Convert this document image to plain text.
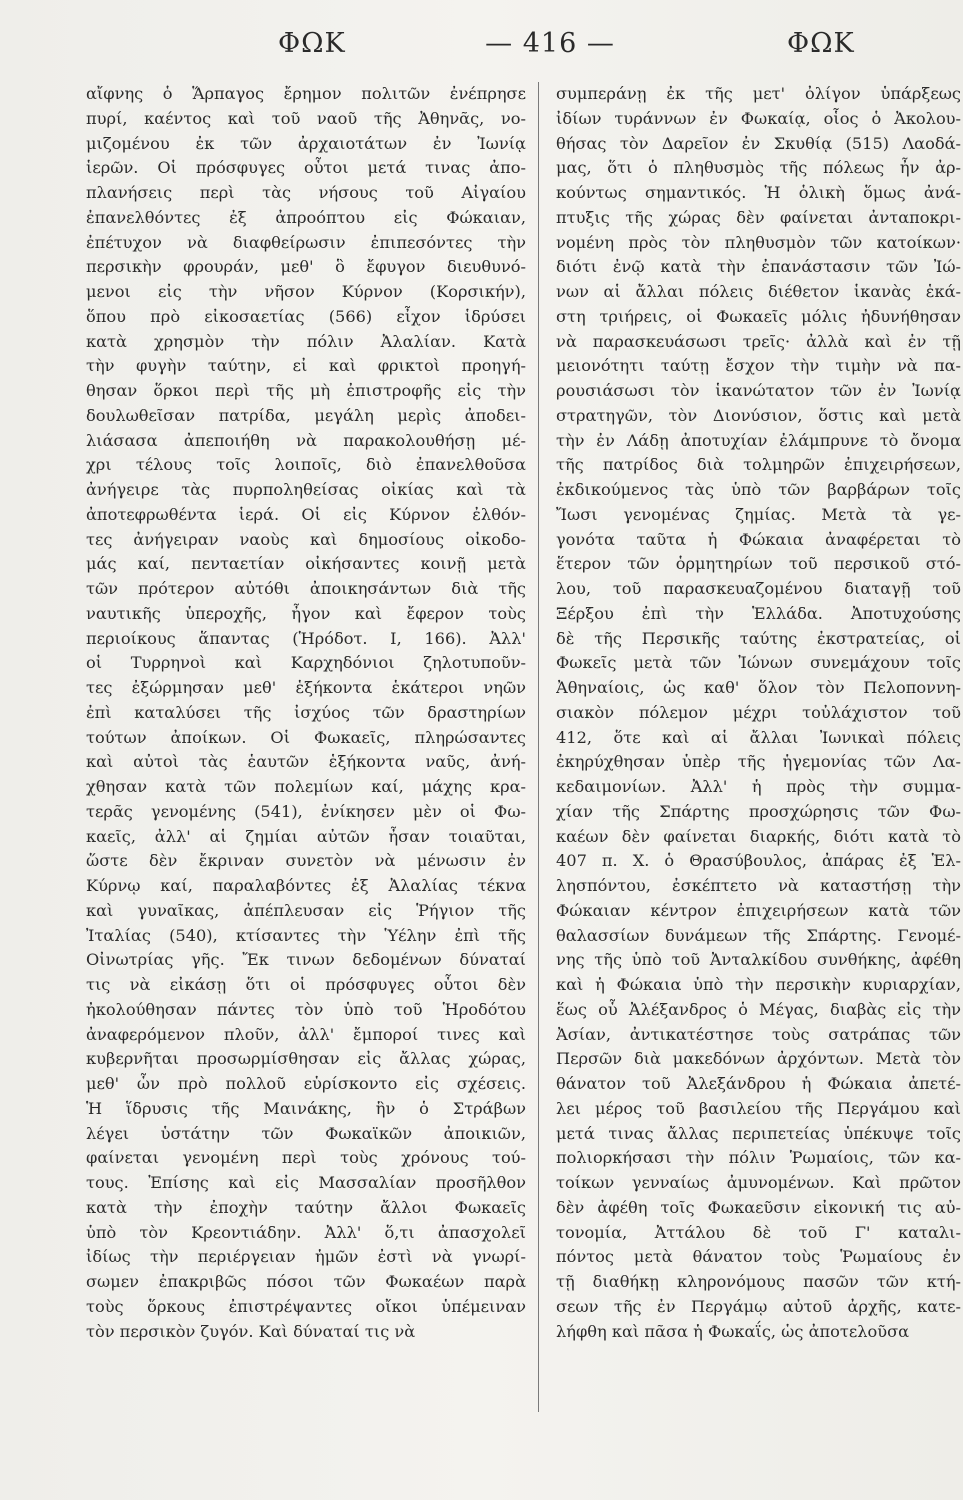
ΦΩΚ	— 416 —	ΦΩΚ
αἴφνης ὁ Ἅρπαγος ἔρημον πολιτῶν ἐνέπρησε
πυρί, καέντος καὶ τοῦ ναοῦ τῆς Ἀθηνᾶς, νο-
μιζομένου ἐκ τῶν ἀρχαιοτάτων ἐν Ἰωνίᾳ
ἱερῶν. Οἱ πρόσφυγες οὗτοι μετά τινας ἀπο-
πλανήσεις περὶ τὰς νήσους τοῦ Αἰγαίου
ἐπανελθόντες ἐξ ἀπροόπτου εἰς Φώκαιαν,
ἐπέτυχον νὰ διαφθείρωσιν ἐπιπεσόντες τὴν
περσικὴν φρουράν, μεθ' ὃ ἔφυγον διευθυνό-
μενοι εἰς τὴν νῆσον Κύρνον (Κορσικήν),
ὅπου πρὸ εἰκοσαετίας (566) εἶχον ἱδρύσει
κατὰ χρησμὸν τὴν πόλιν Ἀλαλίαν. Κατὰ
τὴν φυγὴν ταύτην, εἰ καὶ φρικτοὶ προηγή-
θησαν ὅρκοι περὶ τῆς μὴ ἐπιστροφῆς εἰς τὴν
δουλωθεῖσαν πατρίδα, μεγάλη μερὶς ἀποδει-
λιάσασα ἀπεποιήθη νὰ παρακολουθήσῃ μέ-
χρι τέλους τοῖς λοιποῖς, διὸ ἐπανελθοῦσα
ἀνήγειρε τὰς πυρποληθείσας οἰκίας καὶ τὰ
ἀποτεφρωθέντα ἱερά. Οἱ εἰς Κύρνον ἐλθόν-
τες ἀνήγειραν ναοὺς καὶ δημοσίους οἰκοδο-
μάς καί, πενταετίαν οἰκήσαντες κοινῇ μετὰ
τῶν πρότερον αὐτόθι ἀποικησάντων διὰ τῆς
ναυτικῆς ὑπεροχῆς, ἦγον καὶ ἔφερον τοὺς
περιοίκους ἅπαντας (Ἡρόδοτ. Ι, 166). Ἀλλ'
οἱ Τυρρηνοὶ καὶ Καρχηδόνιοι ζηλοτυποῦν-
τες ἐξώρμησαν μεθ' ἑξήκοντα ἑκάτεροι νηῶν
ἐπὶ καταλύσει τῆς ἰσχύος τῶν δραστηρίων
τούτων ἀποίκων. Οἱ Φωκαεῖς, πληρώσαντες
καὶ αὐτοὶ τὰς ἑαυτῶν ἑξήκοντα ναῦς, ἀνή-
χθησαν κατὰ τῶν πολεμίων καί, μάχης κρα-
τερᾶς γενομένης (541), ἐνίκησεν μὲν οἱ Φω-
καεῖς, ἀλλ' αἱ ζημίαι αὐτῶν ἦσαν τοιαῦται,
ὥστε δὲν ἔκριναν συνετὸν νὰ μένωσιν ἐν
Κύρνῳ καί, παραλαβόντες ἐξ Ἀλαλίας τέκνα
καὶ γυναῖκας, ἀπέπλευσαν εἰς Ῥήγιον τῆς
Ἰταλίας (540), κτίσαντες τὴν Ὑέλην ἐπὶ τῆς
Οἰνωτρίας γῆς. Ἔκ τινων δεδομένων δύναταί
τις νὰ εἰκάσῃ ὅτι οἱ πρόσφυγες οὗτοι δὲν
ἠκολούθησαν πάντες τὸν ὑπὸ τοῦ Ἡροδότου
ἀναφερόμενον πλοῦν, ἀλλ' ἔμποροί τινες καὶ
κυβερνῆται προσωρμίσθησαν εἰς ἄλλας χώρας,
μεθ' ὧν πρὸ πολλοῦ εὑρίσκοντο εἰς σχέσεις.
Ἡ ἵδρυσις τῆς Μαινάκης, ἣν ὁ Στράβων
λέγει ὑστάτην τῶν Φωκαϊκῶν ἀποικιῶν,
φαίνεται γενομένη περὶ τοὺς χρόνους τού-
τους. Ἐπίσης καὶ εἰς Μασσαλίαν προσῆλθον
κατὰ τὴν ἐποχὴν ταύτην ἄλλοι Φωκαεῖς
ὑπὸ τὸν Κρεοντιάδην. Ἀλλ' ὅ,τι ἀπασχολεῖ
ἰδίως τὴν περιέργειαν ἡμῶν ἐστὶ νὰ γνωρί-
σωμεν ἐπακριβῶς πόσοι τῶν Φωκαέων παρὰ
τοὺς ὅρκους ἐπιστρέψαντες οἴκοι ὑπέμειναν
τὸν περσικὸν ζυγόν. Καὶ δύναταί τις νὰ
συμπεράνῃ ἐκ τῆς μετ' ὀλίγον ὑπάρξεως
ἰδίων τυράννων ἐν Φωκαίᾳ, οἷος ὁ Ἀκολου-
θήσας τὸν Δαρεῖον ἐν Σκυθίᾳ (515) Λαοδά-
μας, ὅτι ὁ πληθυσμὸς τῆς πόλεως ἦν ἀρ-
κούντως σημαντικός. Ἡ ὁλικὴ ὅμως ἀνά-
πτυξις τῆς χώρας δὲν φαίνεται ἀνταποκρι-
νομένη πρὸς τὸν πληθυσμὸν τῶν κατοίκων·
διότι ἐνῷ κατὰ τὴν ἐπανάστασιν τῶν Ἰώ-
νων αἱ ἄλλαι πόλεις διέθετον ἱκανὰς ἑκά-
στη τριήρεις, οἱ Φωκαεῖς μόλις ἠδυνήθησαν
νὰ παρασκευάσωσι τρεῖς· ἀλλὰ καὶ ἐν τῇ
μειονότητι ταύτῃ ἔσχον τὴν τιμὴν νὰ πα-
ρουσιάσωσι τὸν ἱκανώτατον τῶν ἐν Ἰωνίᾳ
στρατηγῶν, τὸν Διονύσιον, ὅστις καὶ μετὰ
τὴν ἐν Λάδῃ ἀποτυχίαν ἐλάμπρυνε τὸ ὄνομα
τῆς πατρίδος διὰ τολμηρῶν ἐπιχειρήσεων,
ἐκδικούμενος τὰς ὑπὸ τῶν βαρβάρων τοῖς
Ἴωσι γενομένας ζημίας. Μετὰ τὰ γε-
γονότα ταῦτα ἡ Φώκαια ἀναφέρεται τὸ
ἕτερον τῶν ὁρμητηρίων τοῦ περσικοῦ στό-
λου, τοῦ παρασκευαζομένου διαταγῇ τοῦ
Ξέρξου ἐπὶ τὴν Ἑλλάδα. Ἀποτυχούσης
δὲ τῆς Περσικῆς ταύτης ἐκστρατείας, οἱ
Φωκεῖς μετὰ τῶν Ἰώνων συνεμάχουν τοῖς
Ἀθηναίοις, ὡς καθ' ὅλον τὸν Πελοποννη-
σιακὸν πόλεμον μέχρι τοὐλάχιστον τοῦ
412, ὅτε καὶ αἱ ἄλλαι Ἰωνικαὶ πόλεις
ἐκηρύχθησαν ὑπὲρ τῆς ἡγεμονίας τῶν Λα-
κεδαιμονίων. Ἀλλ' ἡ πρὸς τὴν συμμα-
χίαν τῆς Σπάρτης προσχώρησις τῶν Φω-
καέων δὲν φαίνεται διαρκής, διότι κατὰ τὸ
407 π. Χ. ὁ Θρασύβουλος, ἀπάρας ἐξ Ἑλ-
λησπόντου, ἐσκέπτετο νὰ καταστήσῃ τὴν
Φώκαιαν κέντρον ἐπιχειρήσεων κατὰ τῶν
θαλασσίων δυνάμεων τῆς Σπάρτης. Γενομέ-
νης τῆς ὑπὸ τοῦ Ἀνταλκίδου συνθήκης, ἀφέθη
καὶ ἡ Φώκαια ὑπὸ τὴν περσικὴν κυριαρχίαν,
ἕως οὗ Ἀλέξανδρος ὁ Μέγας, διαβὰς εἰς τὴν
Ἀσίαν, ἀντικατέστησε τοὺς σατράπας τῶν
Περσῶν διὰ μακεδόνων ἀρχόντων. Μετὰ τὸν
θάνατον τοῦ Ἀλεξάνδρου ἡ Φώκαια ἀπετέ-
λει μέρος τοῦ βασιλείου τῆς Περγάμου καὶ
μετά τινας ἄλλας περιπετείας ὑπέκυψε τοῖς
πολιορκήσασι τὴν πόλιν Ῥωμαίοις, τῶν κα-
τοίκων γενναίως ἀμυνομένων. Καὶ πρῶτον
δὲν ἀφέθη τοῖς Φωκαεῦσιν εἰκονική τις αὐ-
τονομία, Ἀττάλου δὲ τοῦ Γ' καταλι-
πόντος μετὰ θάνατον τοὺς Ῥωμαίους ἐν
τῇ διαθήκῃ κληρονόμους πασῶν τῶν κτή-
σεων τῆς ἐν Περγάμῳ αὐτοῦ ἀρχῆς, κατε-
λήφθη καὶ πᾶσα ἡ Φωκαΐς, ὡς ἀποτελοῦσα
